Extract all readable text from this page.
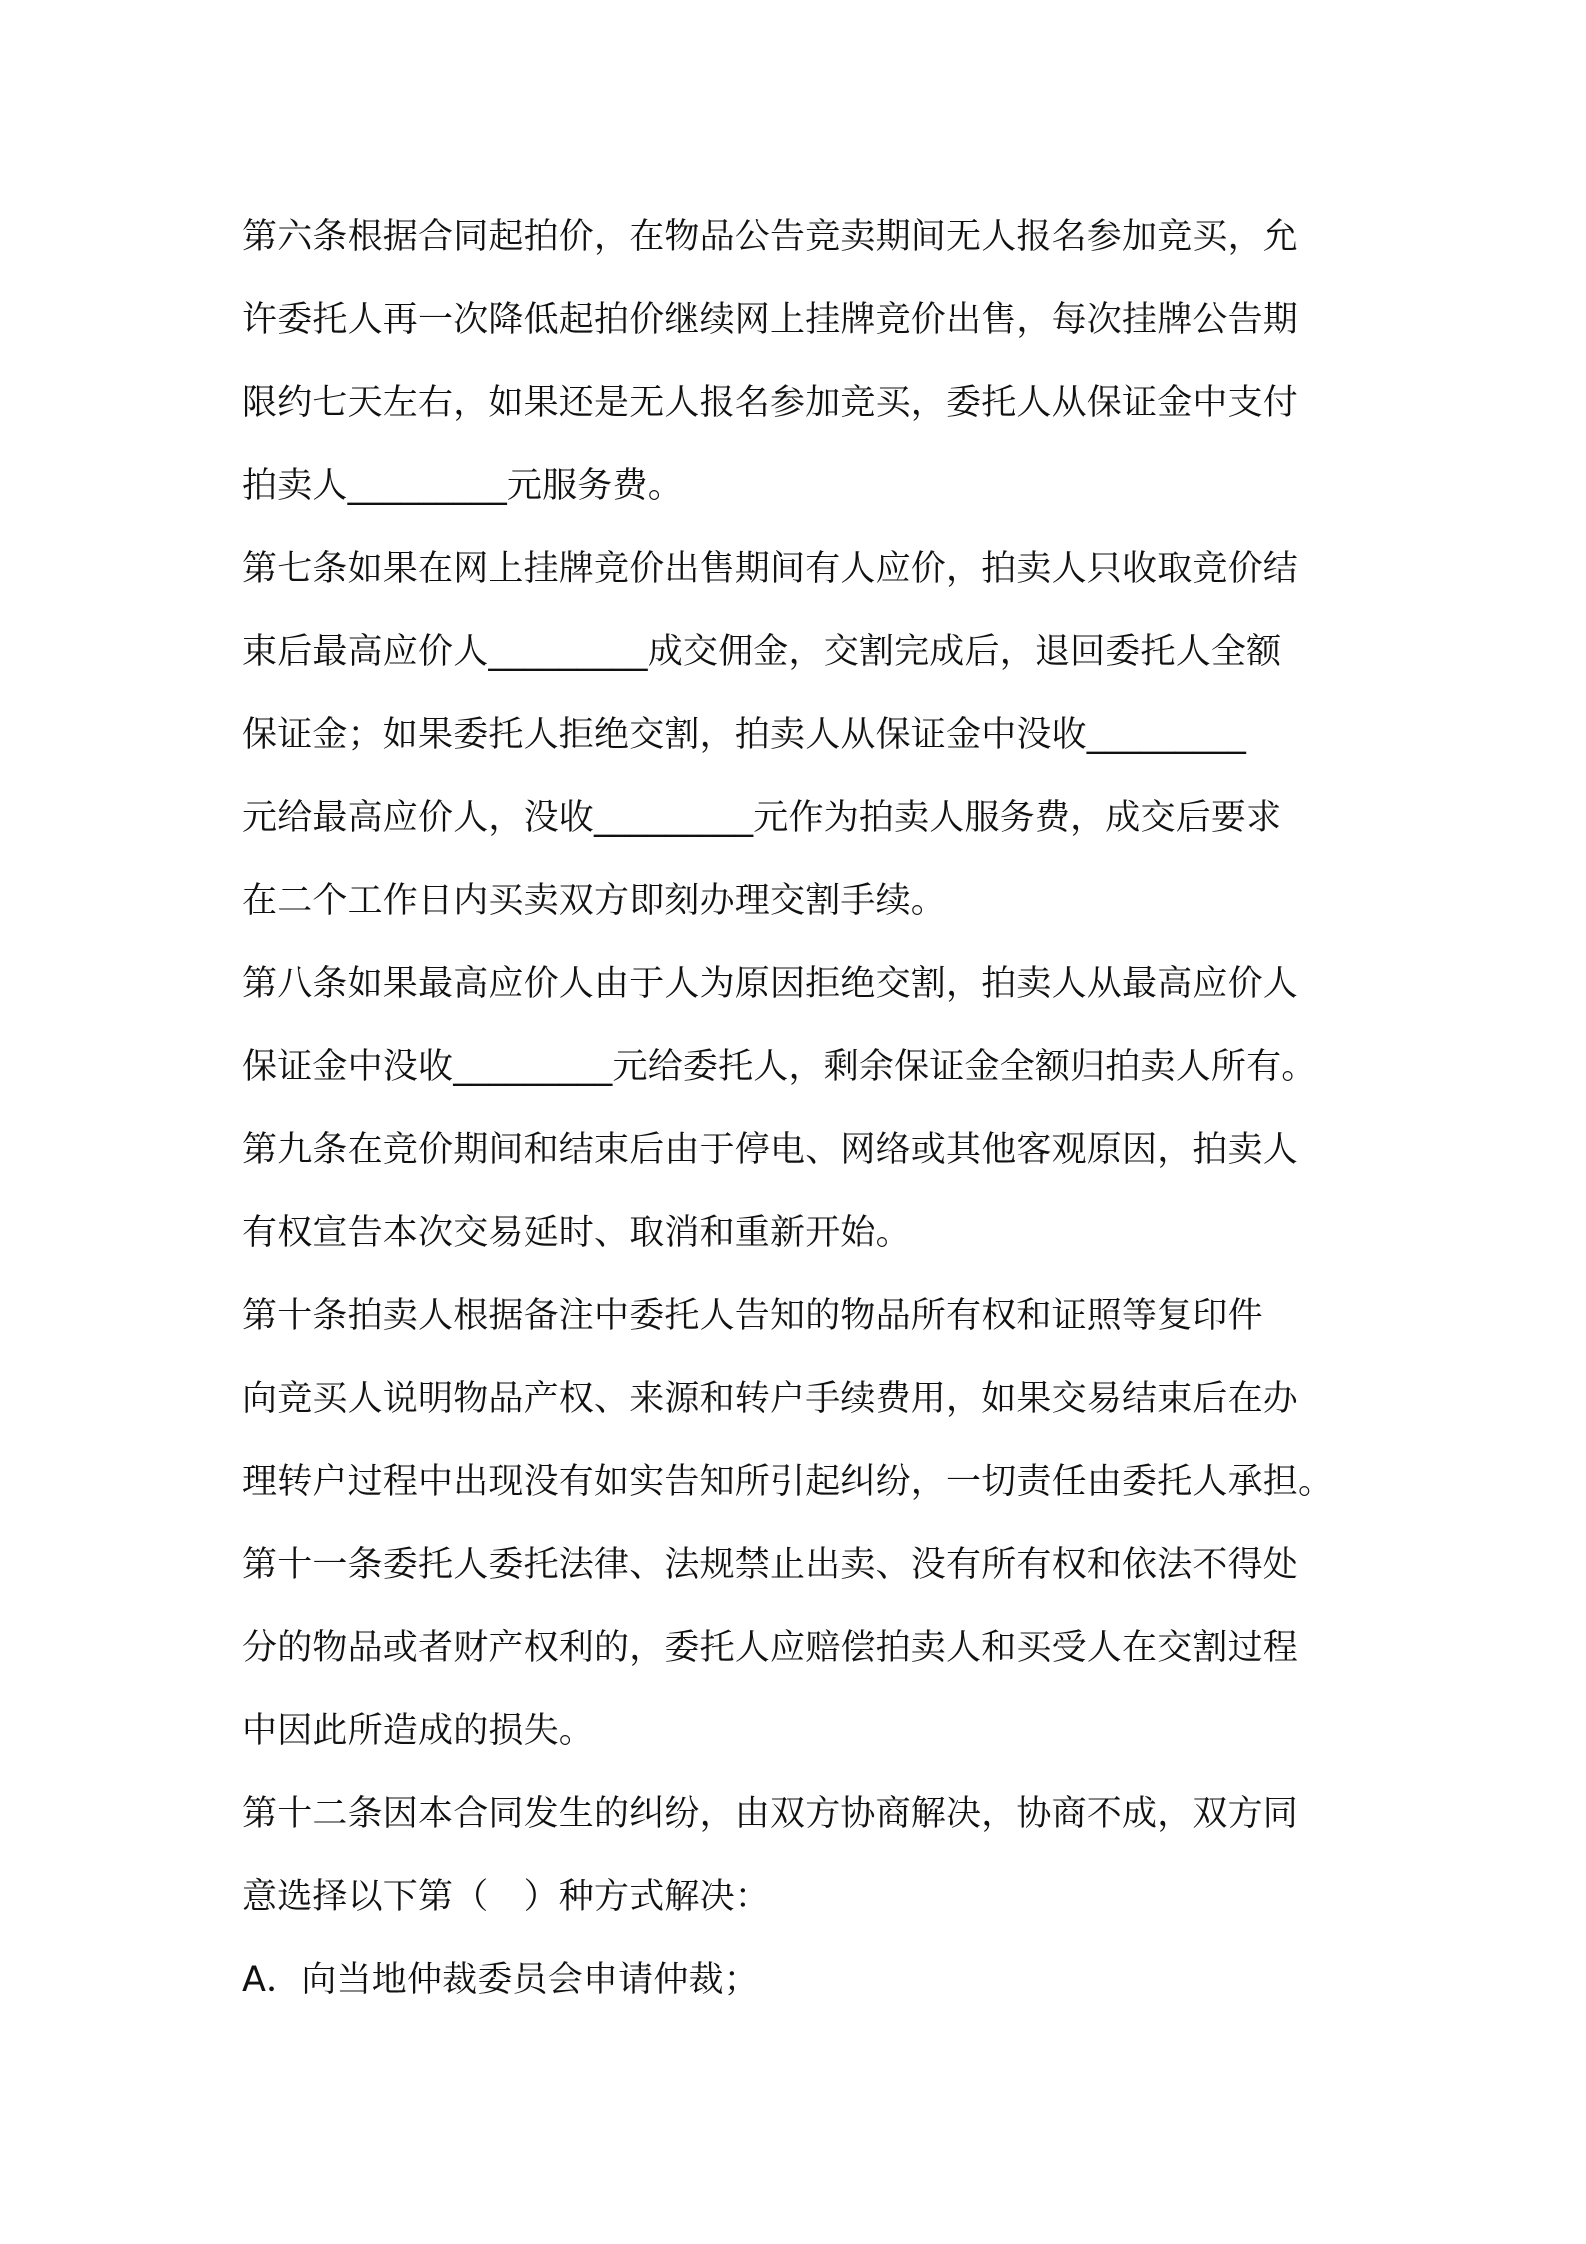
第六条根据合同起拍价，在物品公告竞卖期间无人报名参加竞买，允
许委托人再一次降低起拍价继续网上挂牌竞价出售，每次挂牌公告期
限约七天左右，如果还是无人报名参加竞买，委托人从保证金中支付
拍卖人_________元服务费。
第七条如果在网上挂牌竞价出售期间有人应价，拍卖人只收取竞价结
束后最高应价人_________成交佣金，交割完成后，退回委托人全额
保证金；如果委托人拒绝交割，拍卖人从保证金中没收_________
元给最高应价人，没收_________元作为拍卖人服务费，成交后要求
在二个工作日内买卖双方即刻办理交割手续。
第八条如果最高应价人由于人为原因拒绝交割，拍卖人从最高应价人
保证金中没收_________元给委托人，剩余保证金全额归拍卖人所有。
第九条在竞价期间和结束后由于停电、网络或其他客观原因，拍卖人
有权宣告本次交易延时、取消和重新开始。
第十条拍卖人根据备注中委托人告知的物品所有权和证照等复印件
向竞买人说明物品产权、来源和转户手续费用，如果交易结束后在办
理转户过程中出现没有如实告知所引起纠纷，一切责任由委托人承担。
第十一条委托人委托法律、法规禁止出卖、没有所有权和依法不得处
分的物品或者财产权利的，委托人应赔偿拍卖人和买受人在交割过程
中因此所造成的损失。
第十二条因本合同发生的纠纷，由双方协商解决，协商不成，双方同
意选择以下第（　）种方式解决：
A．向当地仲裁委员会申请仲裁；
